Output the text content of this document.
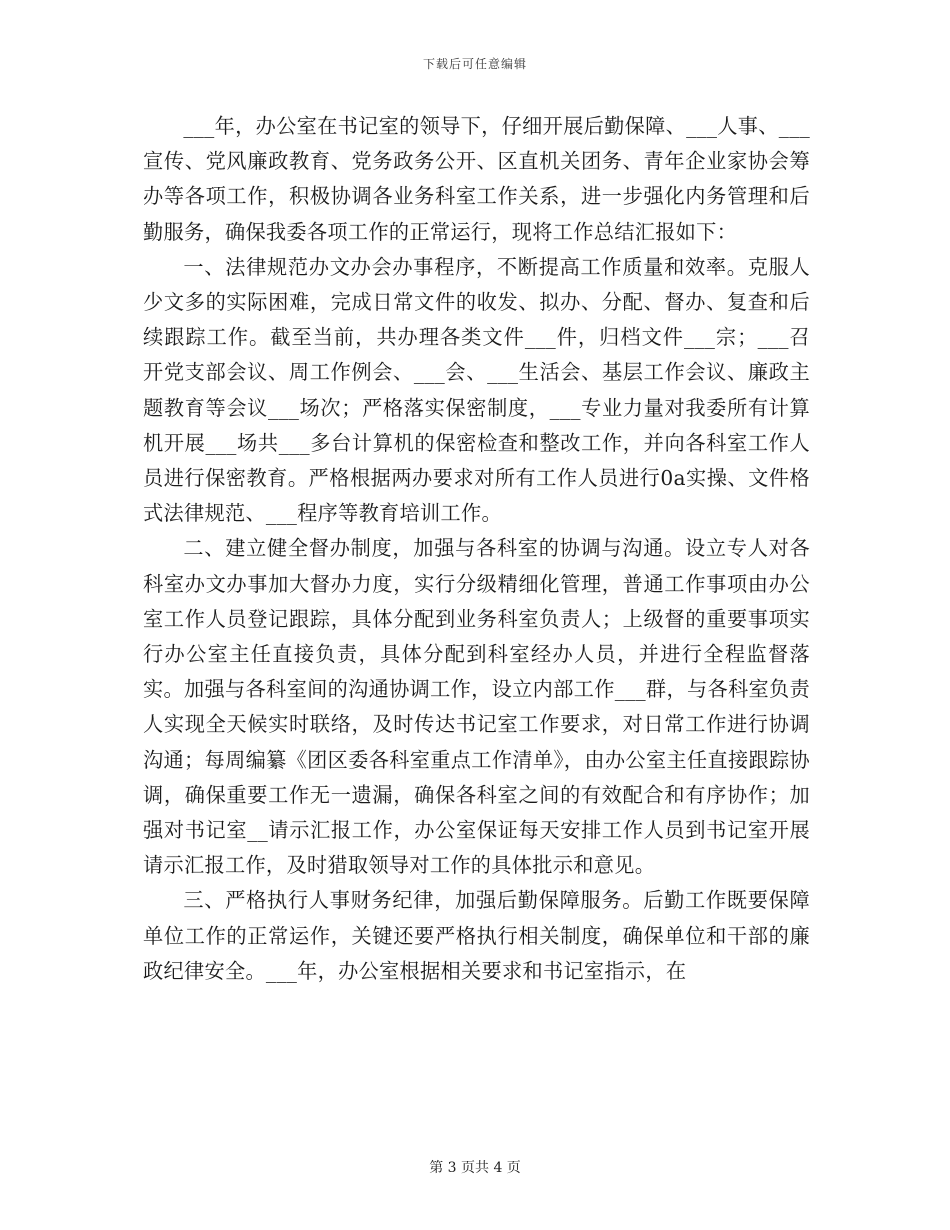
下载后可任意编辑

___年，办公室在书记室的领导下，仔细开展后勤保障、___人事、___宣传、党风廉政教育、党务政务公开、区直机关团务、青年企业家协会筹办等各项工作，积极协调各业务科室工作关系，进一步强化内务管理和后勤服务，确保我委各项工作的正常运行，现将工作总结汇报如下：

一、法律规范办文办会办事程序，不断提高工作质量和效率。克服人少文多的实际困难，完成日常文件的收发、拟办、分配、督办、复查和后续跟踪工作。截至当前，共办理各类文件___件，归档文件___宗；___召开党支部会议、周工作例会、___会、___生活会、基层工作会议、廉政主题教育等会议___场次；严格落实保密制度，___专业力量对我委所有计算机开展___场共___多台计算机的保密检查和整改工作，并向各科室工作人员进行保密教育。严格根据两办要求对所有工作人员进行0a实操、文件格式法律规范、___程序等教育培训工作。

二、建立健全督办制度，加强与各科室的协调与沟通。设立专人对各科室办文办事加大督办力度，实行分级精细化管理，普通工作事项由办公室工作人员登记跟踪，具体分配到业务科室负责人；上级督的重要事项实行办公室主任直接负责，具体分配到科室经办人员，并进行全程监督落实。加强与各科室间的沟通协调工作，设立内部工作___群，与各科室负责人实现全天候实时联络，及时传达书记室工作要求，对日常工作进行协调沟通；每周编纂《团区委各科室重点工作清单》，由办公室主任直接跟踪协调，确保重要工作无一遗漏，确保各科室之间的有效配合和有序协作；加强对书记室__请示汇报工作，办公室保证每天安排工作人员到书记室开展请示汇报工作，及时猎取领导对工作的具体批示和意见。

三、严格执行人事财务纪律，加强后勤保障服务。后勤工作既要保障单位工作的正常运作，关键还要严格执行相关制度，确保单位和干部的廉政纪律安全。___年，办公室根据相关要求和书记室指示，在

第 3 页共 4 页
